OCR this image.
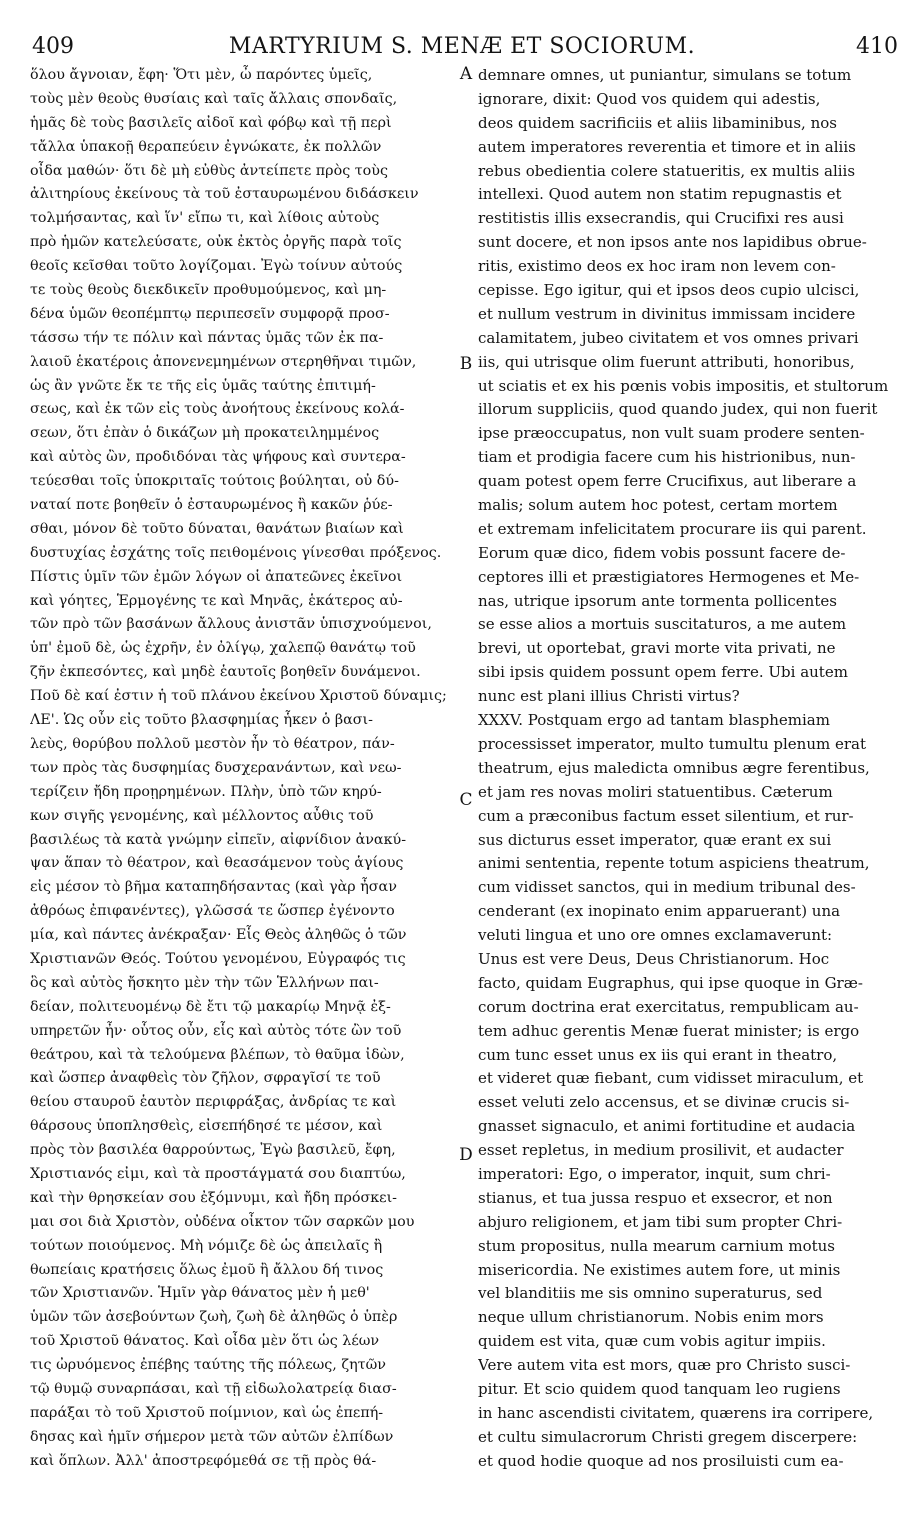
409	MARTYRIUM S. MENÆ ET SOCIORUM.	410
ὅλου ἄγνοιαν, ἔφη· Ὅτι μὲν, ὦ παρόντες ὑμεῖς,
τοὺς μὲν θεοὺς θυσίαις καὶ ταῖς ἄλλαις σπονδαῖς,
ἡμᾶς δὲ τοὺς βασιλεῖς αἰδοῖ καὶ φόβῳ καὶ τῇ περὶ
τἄλλα ὑπακοῇ θεραπεύειν ἐγνώκατε, ἐκ πολλῶν
οἶδα μαθών· ὅτι δὲ μὴ εὐθὺς ἀντείπετε πρὸς τοὺς
ἀλιτηρίους ἐκείνους τὰ τοῦ ἐσταυρωμένου διδάσκειν
τολμήσαντας, καὶ ἵν' εἴπω τι, καὶ λίθοις αὐτοὺς
πρὸ ἡμῶν κατελεύσατε, οὐκ ἐκτὸς ὀργῆς παρὰ τοῖς
θεοῖς κεῖσθαι τοῦτο λογίζομαι. Ἐγὼ τοίνυν αὐτούς
τε τοὺς θεοὺς διεκδικεῖν προθυμούμενος, καὶ μη-
δένα ὑμῶν θεοπέμπτῳ περιπεσεῖν συμφορᾷ προσ-
τάσσω τήν τε πόλιν καὶ πάντας ὑμᾶς τῶν ἐκ πα-
λαιοῦ ἑκατέροις ἀπονενεμημένων στερηθῆναι τιμῶν,
ὡς ἂν γνῶτε ἔκ τε τῆς εἰς ὑμᾶς ταύτης ἐπιτιμή-
σεως, καὶ ἐκ τῶν εἰς τοὺς ἀνοήτους ἐκείνους κολά-
σεων, ὅτι ἐπὰν ὁ δικάζων μὴ προκατειλημμένος
καὶ αὐτὸς ὢν, προδιδόναι τὰς ψήφους καὶ συντερα-
τεύεσθαι τοῖς ὑποκριταῖς τούτοις βούληται, οὐ δύ-
ναταί ποτε βοηθεῖν ὁ ἐσταυρωμένος ἢ κακῶν ῥύε-
σθαι, μόνον δὲ τοῦτο δύναται, θανάτων βιαίων καὶ
δυστυχίας ἐσχάτης τοῖς πειθομένοις γίνεσθαι πρόξενος.
Πίστις ὑμῖν τῶν ἐμῶν λόγων οἱ ἀπατεῶνες ἐκεῖνοι
καὶ γόητες, Ἑρμογένης τε καὶ Μηνᾶς, ἑκάτερος αὐ-
τῶν πρὸ τῶν βασάνων ἄλλους ἀνιστᾶν ὑπισχνούμενοι,
ὑπ' ἐμοῦ δὲ, ὡς ἐχρῆν, ἐν ὀλίγῳ, χαλεπῷ θανάτῳ τοῦ
ζῆν ἐκπεσόντες, καὶ μηδὲ ἑαυτοῖς βοηθεῖν δυνάμενοι.
Ποῦ δὲ καί ἐστιν ἡ τοῦ πλάνου ἐκείνου Χριστοῦ δύναμις;
ΛΕ'. Ὡς οὖν εἰς τοῦτο βλασφημίας ἧκεν ὁ βασι-
λεὺς, θορύβου πολλοῦ μεστὸν ἦν τὸ θέατρον, πάν-
των πρὸς τὰς δυσφημίας δυσχερανάντων, καὶ νεω-
τερίζειν ἤδη προῃρημένων. Πλὴν, ὑπὸ τῶν κηρύ-
κων σιγῆς γενομένης, καὶ μέλλοντος αὖθις τοῦ
βασιλέως τὰ κατὰ γνώμην εἰπεῖν, αἰφνίδιον ἀνακύ-
ψαν ἅπαν τὸ θέατρον, καὶ θεασάμενον τοὺς ἁγίους
εἰς μέσον τὸ βῆμα καταπηδήσαντας (καὶ γὰρ ἦσαν
ἀθρόως ἐπιφανέντες), γλῶσσά τε ὥσπερ ἐγένοντο
μία, καὶ πάντες ἀνέκραξαν· Εἷς Θεὸς ἀληθῶς ὁ τῶν
Χριστιανῶν Θεός. Τούτου γενομένου, Εὐγραφός τις
ὃς καὶ αὐτὸς ἤσκητο μὲν τὴν τῶν Ἑλλήνων παι-
δείαν, πολιτευομένῳ δὲ ἔτι τῷ μακαρίῳ Μηνᾷ ἐξ-
υπηρετῶν ἦν· οὗτος οὖν, εἷς καὶ αὐτὸς τότε ὢν τοῦ
θεάτρου, καὶ τὰ τελούμενα βλέπων, τὸ θαῦμα ἰδὼν,
καὶ ὥσπερ ἀναφθεὶς τὸν ζῆλον, σφραγῖσί τε τοῦ
θείου σταυροῦ ἑαυτὸν περιφράξας, ἀνδρίας τε καὶ
θάρσους ὑποπλησθεὶς, εἰσεπήδησέ τε μέσον, καὶ
πρὸς τὸν βασιλέα θαρρούντως, Ἐγὼ βασιλεῦ, ἔφη,
Χριστιανός εἰμι, καὶ τὰ προστάγματά σου διαπτύω,
καὶ τὴν θρησκείαν σου ἐξόμνυμι, καὶ ἤδη πρόσκει-
μαι σοι διὰ Χριστὸν, οὐδένα οἶκτον τῶν σαρκῶν μου
τούτων ποιούμενος. Μὴ νόμιζε δὲ ὡς ἀπειλαῖς ἢ
θωπείαις κρατήσεις ὅλως ἐμοῦ ἢ ἄλλου δή τινος
τῶν Χριστιανῶν. Ἡμῖν γὰρ θάνατος μὲν ἡ μεθ'
ὑμῶν τῶν ἀσεβούντων ζωὴ, ζωὴ δὲ ἀληθῶς ὁ ὑπὲρ
τοῦ Χριστοῦ θάνατος. Καὶ οἶδα μὲν ὅτι ὡς λέων
τις ὠρυόμενος ἐπέβης ταύτης τῆς πόλεως, ζητῶν
τῷ θυμῷ συναρπάσαι, καὶ τῇ εἰδωλολατρείᾳ διασ-
παράξαι τὸ τοῦ Χριστοῦ ποίμνιον, καὶ ὡς ἐπεπή-
δησας καὶ ἡμῖν σήμερον μετὰ τῶν αὐτῶν ἐλπίδων
καὶ ὅπλων. Ἀλλ' ἀποστρεφόμεθά σε τῇ πρὸς θά-
demnare omnes, ut puniantur, simulans se totum
ignorare, dixit: Quod vos quidem qui adestis,
deos quidem sacrificiis et aliis libaminibus, nos
autem imperatores reverentia et timore et in aliis
rebus obedientia colere statueritis, ex multis aliis
intellexi. Quod autem non statim repugnastis et
restitistis illis exsecrandis, qui Crucifixi res ausi
sunt docere, et non ipsos ante nos lapidibus obrue-
ritis, existimo deos ex hoc iram non levem con-
cepisse. Ego igitur, qui et ipsos deos cupio ulcisci,
et nullum vestrum in divinitus immissam incidere
calamitatem, jubeo civitatem et vos omnes privari
iis, qui utrisque olim fuerunt attributi, honoribus,
ut sciatis et ex his pœnis vobis impositis, et stultorum
illorum suppliciis, quod quando judex, qui non fuerit
ipse præoccupatus, non vult suam prodere senten-
tiam et prodigia facere cum his histrionibus, nun-
quam potest opem ferre Crucifixus, aut liberare a
malis; solum autem hoc potest, certam mortem
et extremam infelicitatem procurare iis qui parent.
Eorum quæ dico, fidem vobis possunt facere de-
ceptores illi et præstigiatores Hermogenes et Me-
nas, utrique ipsorum ante tormenta pollicentes
se esse alios a mortuis suscitaturos, a me autem
brevi, ut oportebat, gravi morte vita privati, ne
sibi ipsis quidem possunt opem ferre. Ubi autem
nunc est plani illius Christi virtus?
XXXV. Postquam ergo ad tantam blasphemiam
processisset imperator, multo tumultu plenum erat
theatrum, ejus maledicta omnibus ægre ferentibus,
et jam res novas moliri statuentibus. Cæterum
cum a præconibus factum esset silentium, et rur-
sus dicturus esset imperator, quæ erant ex sui
animi sententia, repente totum aspiciens theatrum,
cum vidisset sanctos, qui in medium tribunal des-
cenderant (ex inopinato enim apparuerant) una
veluti lingua et uno ore omnes exclamaverunt:
Unus est vere Deus, Deus Christianorum. Hoc
facto, quidam Eugraphus, qui ipse quoque in Græ-
corum doctrina erat exercitatus, rempublicam au-
tem adhuc gerentis Menæ fuerat minister; is ergo
cum tunc esset unus ex iis qui erant in theatro,
et videret quæ fiebant, cum vidisset miraculum, et
esset veluti zelo accensus, et se divinæ crucis si-
gnasset signaculo, et animi fortitudine et audacia
esset repletus, in medium prosilivit, et audacter
imperatori: Ego, o imperator, inquit, sum chri-
stianus, et tua jussa respuo et exsecror, et non
abjuro religionem, et jam tibi sum propter Chri-
stum propositus, nulla mearum carnium motus
misericordia. Ne existimes autem fore, ut minis
vel blanditiis me sis omnino superaturus, sed
neque ullum christianorum. Nobis enim mors
quidem est vita, quæ cum vobis agitur impiis.
Vere autem vita est mors, quæ pro Christo susci-
pitur. Et scio quidem quod tanquam leo rugiens
in hanc ascendisti civitatem, quærens ira corripere,
et cultu simulacrorum Christi gregem discerpere:
et quod hodie quoque ad nos prosiluisti cum ea-
A
B
C
D
